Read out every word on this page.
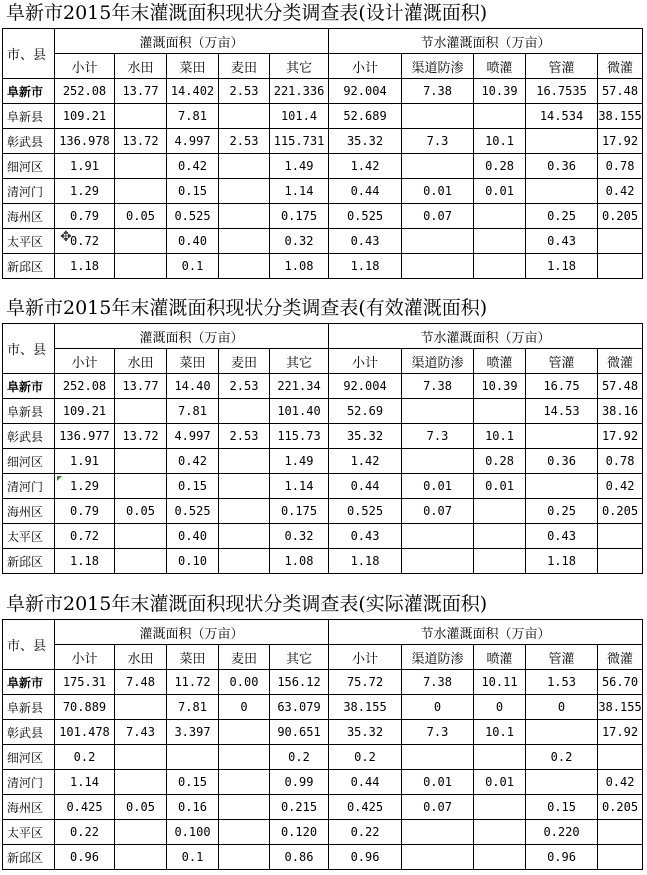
阜新市2015年末灌溉面积现状分类调查表(设计灌溉面积)
市、县	灌溉面积（万亩）					节水灌溉面积（万亩）				
	小计	水田	菜田	麦田	其它	小计	渠道防渗	喷灌	管灌	微灌
阜新市	252.08	13.77	14.402	2.53	221.336	92.004	7.38	10.39	16.7535	57.48
阜新县	109.21		7.81		101.4	52.689			14.534	38.155
彰武县	136.978	13.72	4.997	2.53	115.731	35.32	7.3	10.1		17.92
细河区	1.91		0.42		1.49	1.42		0.28	0.36	0.78
清河门	1.29		0.15		1.14	0.44	0.01	0.01		0.42
海州区	0.79	0.05	0.525		0.175	0.525	0.07		0.25	0.205
太平区	0.72		0.40		0.32	0.43			0.43	
新邱区	1.18		0.1		1.08	1.18			1.18	
阜新市2015年末灌溉面积现状分类调查表(有效灌溉面积)
市、县	灌溉面积（万亩）					节水灌溉面积（万亩）				
	小计	水田	菜田	麦田	其它	小计	渠道防渗	喷灌	管灌	微灌
阜新市	252.08	13.77	14.40	2.53	221.34	92.004	7.38	10.39	16.75	57.48
阜新县	109.21		7.81		101.40	52.69			14.53	38.16
彰武县	136.977	13.72	4.997	2.53	115.73	35.32	7.3	10.1		17.92
细河区	1.91		0.42		1.49	1.42		0.28	0.36	0.78
清河门	1.29		0.15		1.14	0.44	0.01	0.01		0.42
海州区	0.79	0.05	0.525		0.175	0.525	0.07		0.25	0.205
太平区	0.72		0.40		0.32	0.43			0.43	
新邱区	1.18		0.10		1.08	1.18			1.18	
阜新市2015年末灌溉面积现状分类调查表(实际灌溉面积)
市、县	灌溉面积（万亩）					节水灌溉面积（万亩）				
	小计	水田	菜田	麦田	其它	小计	渠道防渗	喷灌	管灌	微灌
阜新市	175.31	7.48	11.72	0.00	156.12	75.72	7.38	10.11	1.53	56.70
阜新县	70.889		7.81	0	63.079	38.155	0	0	0	38.155
彰武县	101.478	7.43	3.397		90.651	35.32	7.3	10.1		17.92
细河区	0.2				0.2	0.2			0.2	
清河门	1.14		0.15		0.99	0.44	0.01	0.01		0.42
海州区	0.425	0.05	0.16		0.215	0.425	0.07		0.15	0.205
太平区	0.22		0.100		0.120	0.22			0.220	
新邱区	0.96		0.1		0.86	0.96			0.96	
✥
